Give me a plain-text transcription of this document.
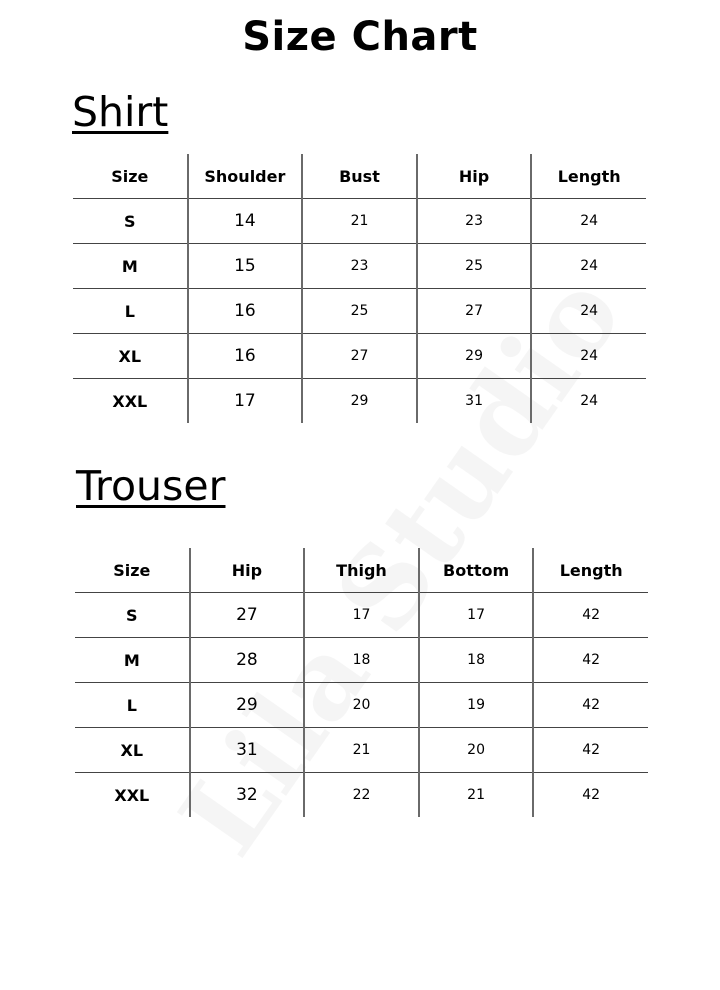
Size Chart
Shirt
Size	Shoulder	Bust	Hip	Length
S	14	21	23	24
M	15	23	25	24
L	16	25	27	24
XL	16	27	29	24
XXL	17	29	31	24
Trouser
Size	Hip	Thigh	Bottom	Length
S	27	17	17	42
M	28	18	18	42
L	29	20	19	42
XL	31	21	20	42
XXL	32	22	21	42
